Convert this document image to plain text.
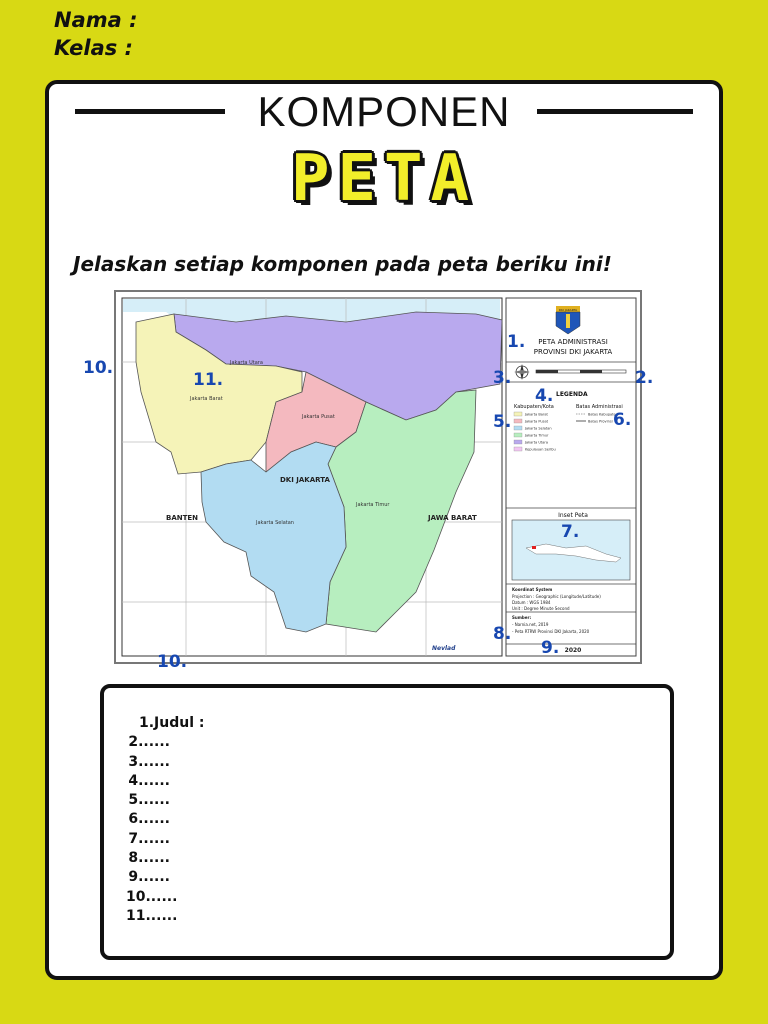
Nama :
Kelas :
KOMPONEN
PETA
Jelaskan setiap komponen pada peta beriku ini!
Jakarta Utara
Jakarta Barat
Jakarta Pusat
Jakarta Timur
Jakarta Selatan
DKI JAKARTA
BANTEN	JAWA BARAT
Nevlad
DKI JAKARTA
PETA ADMINISTRASI
PROVINSI DKI JAKARTA
LEGENDA
Kabupaten/Kota	Batas Administrasi
Jakarta Barat
Jakarta Pusat
Jakarta Selatan
Jakarta Timur
Jakarta Utara
Kepulauan Seribu
Batas Kabupaten
Batas Provinsi
Inset Peta
Koordinat System
Projection : Geographic (Longitude/Latitude)
Datum : WGS 1984
Unit : Degree Minute Second
Sumber:
- Narnia.net, 2019
- Peta RTRW Provinsi DKI Jakarta, 2020
2020
1.
2.
3.
4.
5.	6.
7.
8.
9.
10.
11.
10.
1.Judul :
2......
3......
4......
5......
6......
7......
8......
9......
10......
11......
